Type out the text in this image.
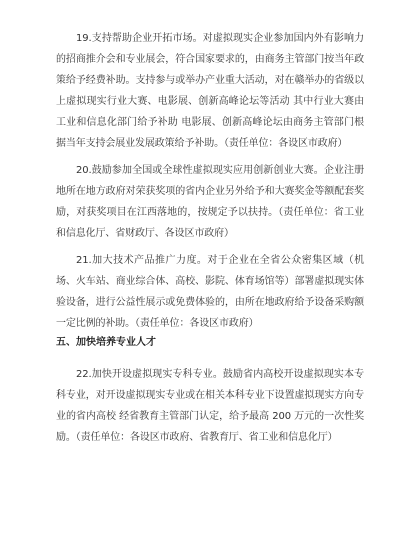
19.支持帮助企业开拓市场。对虚拟现实企业参加国内外有影响力的招商推介会和专业展会，符合国家要求的，由商务主管部门按当年政策给予经费补助。支持参与或举办产业重大活动，对在赣举办的省级以上虚拟现实行业大赛、电影展、创新高峰论坛等活动 其中行业大赛由工业和信息化部门给予补助 电影展、创新高峰论坛由商务主管部门根据当年支持会展业发展政策给予补助。（责任单位：各设区市政府）

20.鼓励参加全国或全球性虚拟现实应用创新创业大赛。企业注册地所在地方政府对荣获奖项的省内企业另外给予和大赛奖金等额配套奖励，对获奖项目在江西落地的，按规定予以扶持。（责任单位：省工业和信息化厅、省财政厅、各设区市政府）

21.加大技术产品推广力度。对于企业在全省公众密集区域（机场、火车站、商业综合体、高校、影院、体育场馆等）部署虚拟现实体验设备，进行公益性展示或免费体验的，由所在地政府给予设备采购额一定比例的补助。（责任单位：各设区市政府）

五、加快培养专业人才

22.加快开设虚拟现实专科专业。鼓励省内高校开设虚拟现实本专科专业，对开设虚拟现实专业或在相关本科专业下设置虚拟现实方向专业的省内高校 经省教育主管部门认定，给予最高 200 万元的一次性奖励。（责任单位：各设区市政府、省教育厅、省工业和信息化厅）
